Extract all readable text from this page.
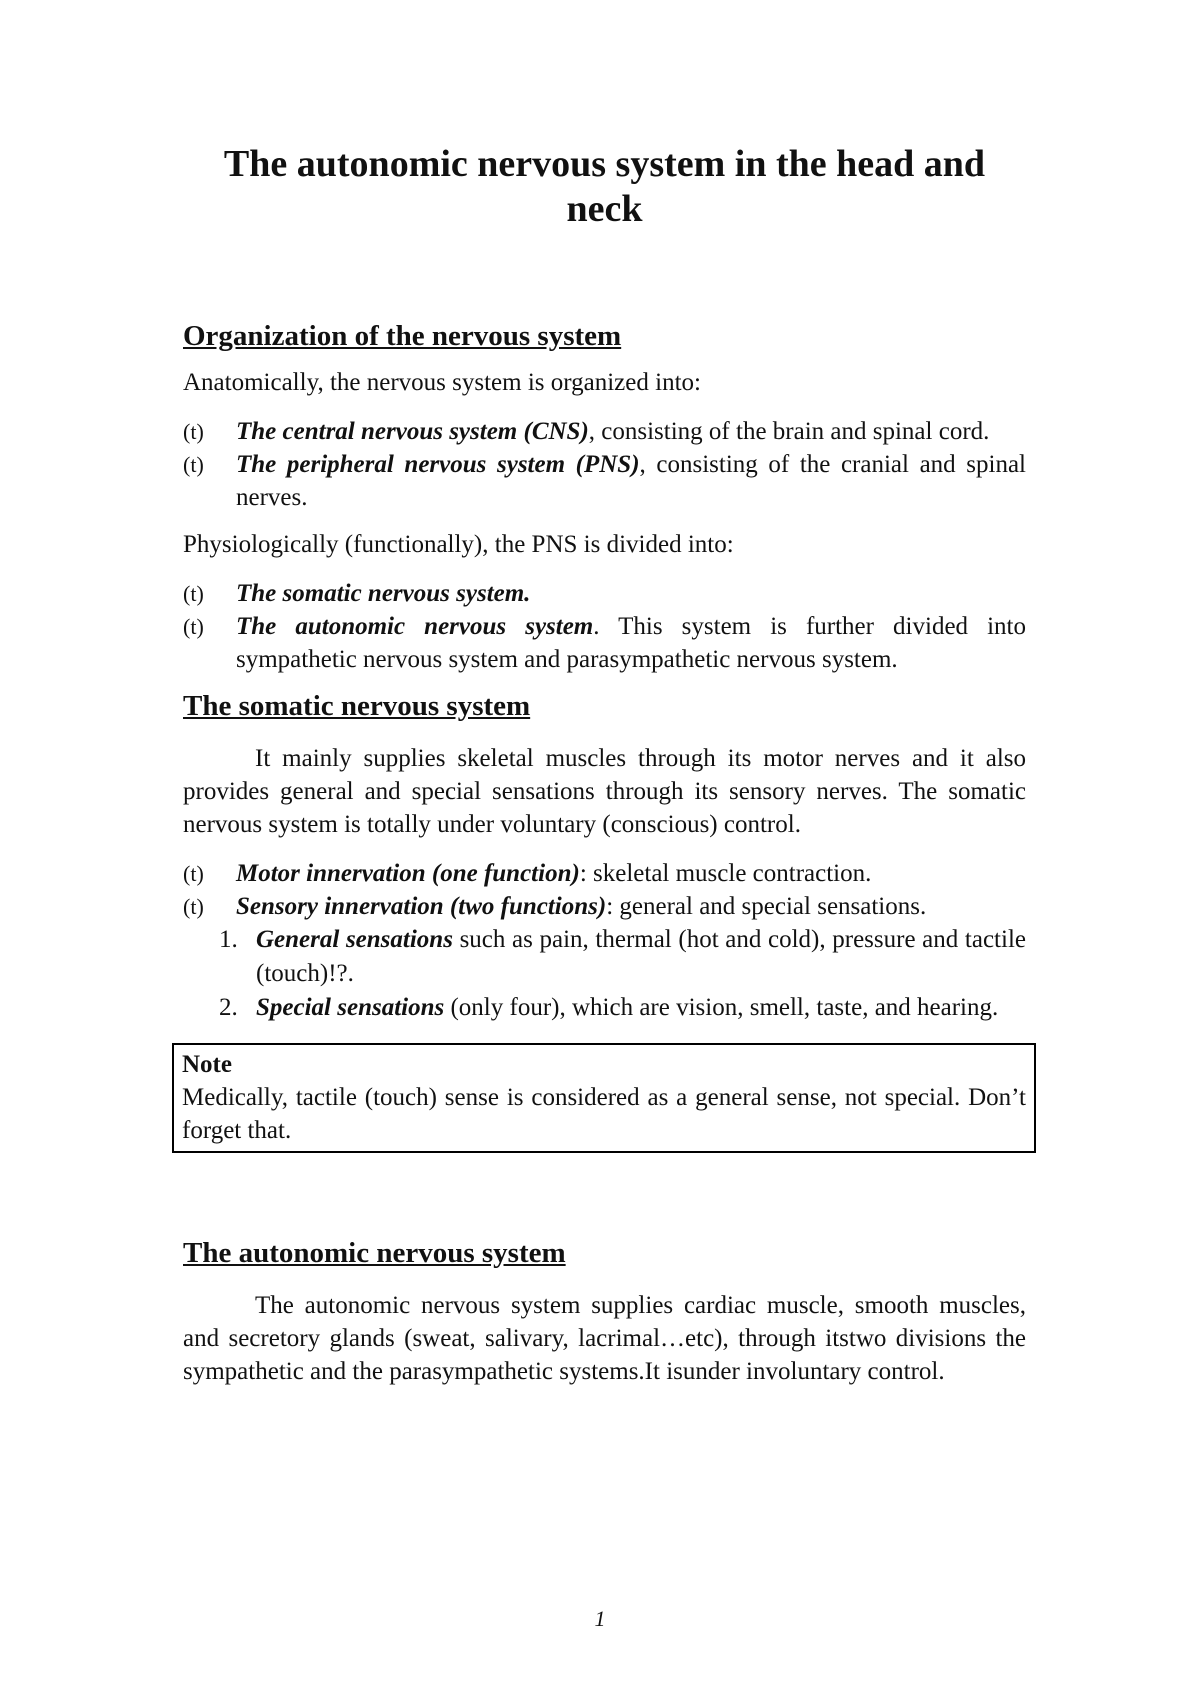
The autonomic nervous system in the head and neck
Organization of the nervous system

Anatomically, the nervous system is organized into:

(t) The central nervous system (CNS), consisting of the brain and spinal cord.
(t) The peripheral nervous system (PNS), consisting of the cranial and spinal nerves.

Physiologically (functionally), the PNS is divided into:

(t) The somatic nervous system.
(t) The autonomic nervous system. This system is further divided into sympathetic nervous system and parasympathetic nervous system.
The somatic nervous system

It mainly supplies skeletal muscles through its motor nerves and it also provides general and special sensations through its sensory nerves. The somatic nervous system is totally under voluntary (conscious) control.

(t) Motor innervation (one function): skeletal muscle contraction.
(t) Sensory innervation (two functions): general and special sensations.
1. General sensations such as pain, thermal (hot and cold), pressure and tactile (touch)!?.
2. Special sensations (only four), which are vision, smell, taste, and hearing.
Note
Medically, tactile (touch) sense is considered as a general sense, not special. Don’t forget that.
The autonomic nervous system

The autonomic nervous system supplies cardiac muscle, smooth muscles, and secretory glands (sweat, salivary, lacrimal…etc), through itstwo divisions the sympathetic and the parasympathetic systems.It isunder involuntary control.

1
